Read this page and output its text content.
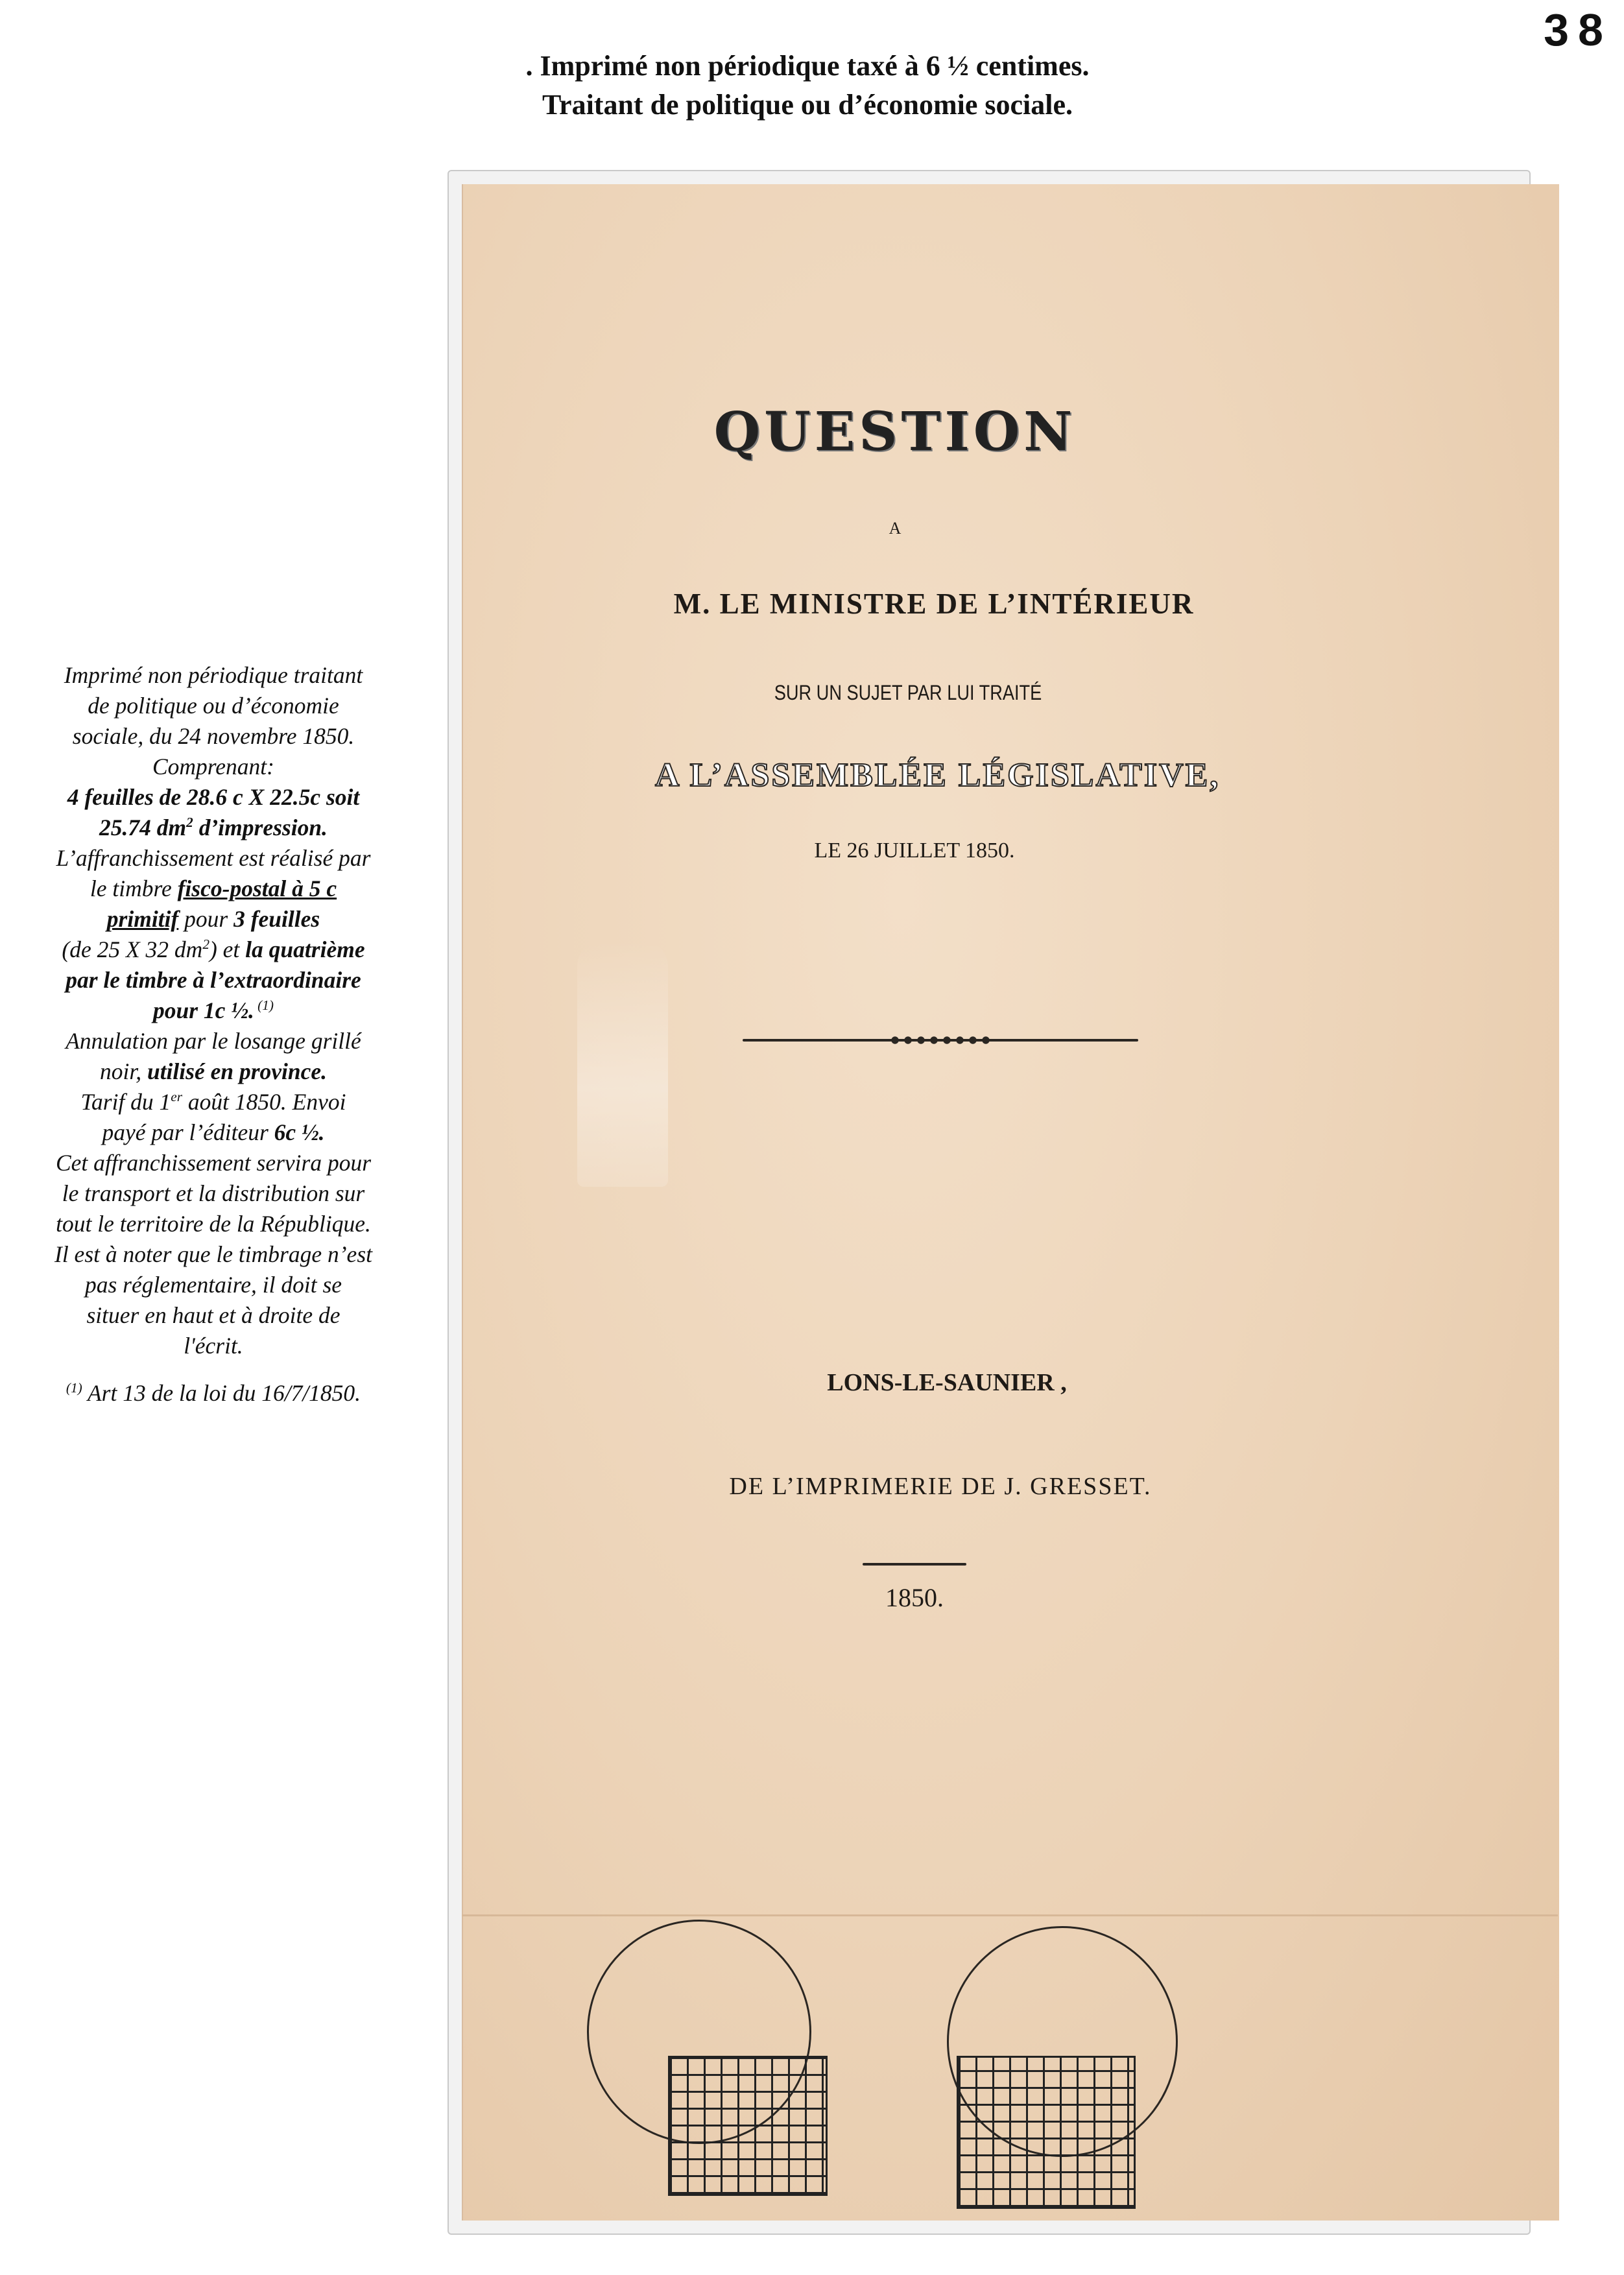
38
. Imprimé non périodique taxé à 6 ½ centimes.
Traitant de politique ou d’économie sociale.
Imprimé non périodique traitant
de politique ou d’économie
sociale, du 24 novembre 1850.
Comprenant:
4 feuilles de 28.6 c X 22.5c soit
25.74 $dm^2$ d’impression.
L’affranchissement est réalisé par
le timbre fisco-postal à 5 c
primitif pour 3 feuilles
(de 25 X 32 $dm^2$) et la quatrième
par le timbre à l’extraordinaire
pour 1c ½. $^{(1)}$
Annulation par le losange grillé
noir, utilisé en province.
Tarif du 1er août 1850. Envoi
payé par l’éditeur 6c ½.
Cet affranchissement servira pour
le transport et la distribution sur
tout le territoire de la République.
Il est à noter que le timbrage n’est
pas réglementaire, il doit se
situer en haut et à droite de
l'écrit.
$^{(1)}$ Art 13 de la loi du 16/7/1850.
QUESTION
A
M. LE MINISTRE DE L’INTÉRIEUR
SUR UN SUJET PAR LUI TRAITÉ
A L’ASSEMBLÉE LÉGISLATIVE,
LE 26 JUILLET 1850.
LONS-LE-SAUNIER ,
DE L’IMPRIMERIE DE J. GRESSET.
1850.
